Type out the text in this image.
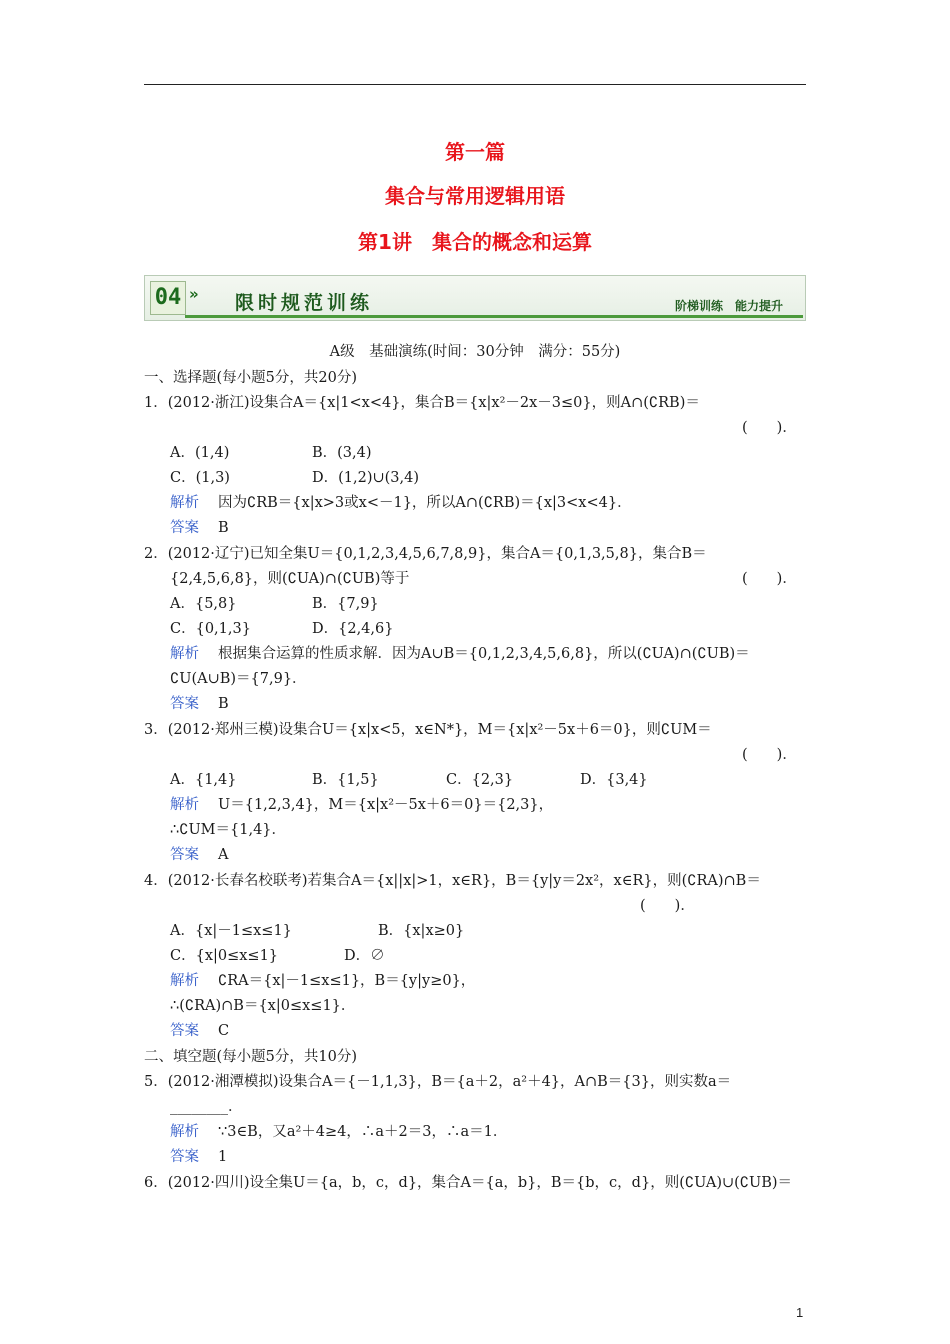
第一篇
集合与常用逻辑用语
第1讲　集合的概念和运算
04 » 限时规范训练	阶梯训练　能力提升
A级　基础演练(时间：30分钟　满分：55分)
一、选择题(每小题5分，共20分)
1．(2012·浙江)设集合A＝{x|1<x<4}，集合B＝{x|x²－2x－3≤0}，则A∩(∁RB)＝
(　　)．
A．(1,4)	B．(3,4)
C．(1,3)	D．(1,2)∪(3,4)
解析 因为∁RB＝{x|x>3或x<－1}，所以A∩(∁RB)＝{x|3<x<4}．
答案 B
2．(2012·辽宁)已知全集U＝{0,1,2,3,4,5,6,7,8,9}，集合A＝{0,1,3,5,8}，集合B＝
{2,4,5,6,8}，则(∁UA)∩(∁UB)等于	(　　)．
A．{5,8}	B．{7,9}
C．{0,1,3}	D．{2,4,6}
解析 根据集合运算的性质求解．因为A∪B＝{0,1,2,3,4,5,6,8}，所以(∁UA)∩(∁UB)＝
∁U(A∪B)＝{7,9}．
答案 B
3．(2012·郑州三模)设集合U＝{x|x<5，x∈N*}，M＝{x|x²－5x＋6＝0}，则∁UM＝
(　　)．
A．{1,4}	B．{1,5}	C．{2,3}	D．{3,4}
解析 U＝{1,2,3,4}，M＝{x|x²－5x＋6＝0}＝{2,3}，
∴∁UM＝{1,4}．
答案 A
4．(2012·长春名校联考)若集合A＝{x||x|>1，x∈R}，B＝{y|y＝2x²，x∈R}，则(∁RA)∩B＝
(　　)．
A．{x|－1≤x≤1}	B．{x|x≥0}
C．{x|0≤x≤1}	D．∅
解析 ∁RA＝{x|－1≤x≤1}，B＝{y|y≥0}，
∴(∁RA)∩B＝{x|0≤x≤1}．
答案 C
二、填空题(每小题5分，共10分)
5．(2012·湘潭模拟)设集合A＝{－1,1,3}，B＝{a＋2，a²＋4}，A∩B＝{3}，则实数a＝
________．
解析 ∵3∈B，又a²＋4≥4，∴a＋2＝3，∴a＝1．
答案 1
6．(2012·四川)设全集U＝{a，b，c，d}，集合A＝{a，b}，B＝{b，c，d}，则(∁UA)∪(∁UB)＝
1
